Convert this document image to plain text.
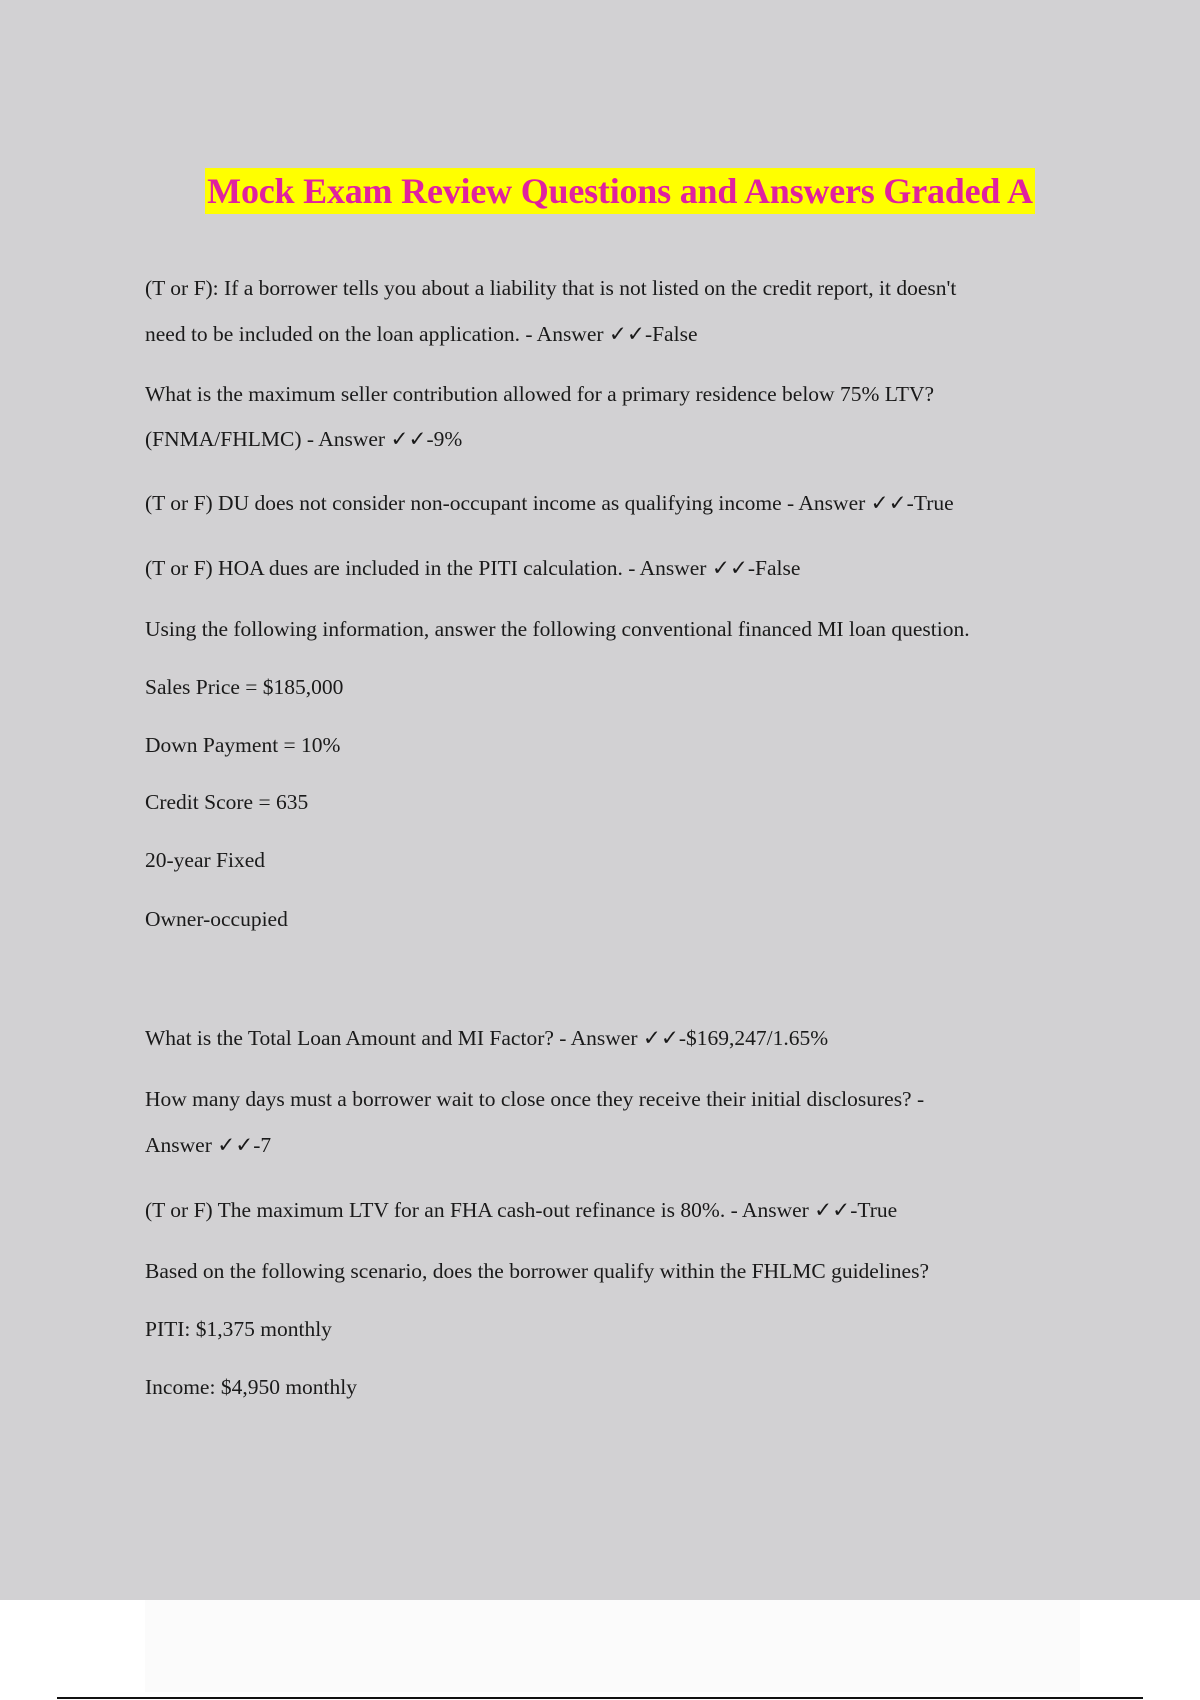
Mock Exam Review Questions and Answers Graded A
(T or F): If a borrower tells you about a liability that is not listed on the credit report, it doesn't
need to be included on the loan application. - Answer ✓✓-False
What is the maximum seller contribution allowed for a primary residence below 75% LTV?
(FNMA/FHLMC) - Answer ✓✓-9%
(T or F) DU does not consider non-occupant income as qualifying income - Answer ✓✓-True
(T or F) HOA dues are included in the PITI calculation. - Answer ✓✓-False
Using the following information, answer the following conventional financed MI loan question.
Sales Price = $185,000
Down Payment = 10%
Credit Score = 635
20-year Fixed
Owner-occupied
What is the Total Loan Amount and MI Factor? - Answer ✓✓-$169,247/1.65%
How many days must a borrower wait to close once they receive their initial disclosures? -
Answer ✓✓-7
(T or F) The maximum LTV for an FHA cash-out refinance is 80%. - Answer ✓✓-True
Based on the following scenario, does the borrower qualify within the FHLMC guidelines?
PITI: $1,375 monthly
Income: $4,950 monthly
